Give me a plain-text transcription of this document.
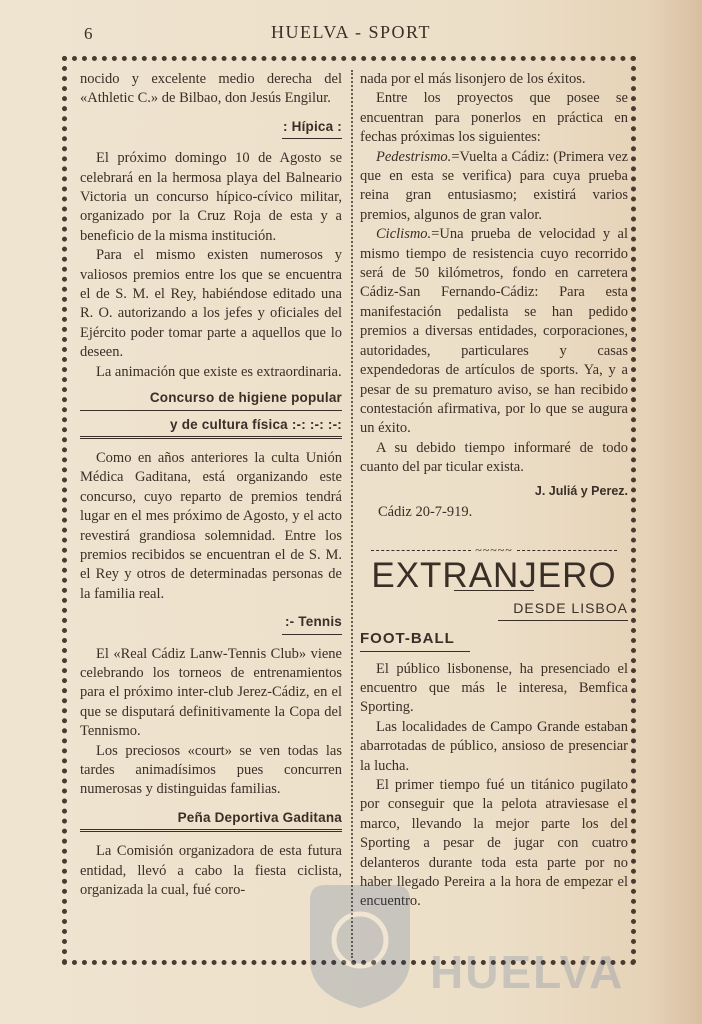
6	HUELVA - SPORT

nocido y excelente medio derecha del «Athletic C.» de Bilbao, don Jesús Engilur.

: Hípica :

El próximo domingo 10 de Agosto se celebrará en la hermosa playa del Balneario Victoria un concurso hípico-cívico militar, organizado por la Cruz Roja de esta y a beneficio de la misma institución.

Para el mismo existen numerosos y valiosos premios entre los que se encuentra el de S. M. el Rey, habiéndose editado una R. O. autorizando a los jefes y oficiales del Ejército poder tomar parte a aquellos que lo deseen.

La animación que existe es extraordinaria.

Concurso de higiene popular
y de cultura física :-: :-: :-:

Como en años anteriores la culta Unión Médica Gaditana, está organizando este concurso, cuyo reparto de premios tendrá lugar en el mes próximo de Agosto, y el acto revestirá grandiosa solemnidad. Entre los premios recibidos se encuentran el de S. M. el Rey y otros de determinadas personas de la familia real.

:- Tennis

El «Real Cádiz Lanw-Tennis Club» viene celebrando los torneos de entrenamientos para el próximo inter-club Jerez-Cádiz, en el que se disputará definitivamente la Copa del Tennismo.

Los preciosos «court» se ven todas las tardes animadísimos pues concurren numerosas y distinguidas familias.

Peña Deportiva Gaditana

La Comisión organizadora de esta futura entidad, llevó a cabo la fiesta ciclista, organizada la cual, fué coro-

nada por el más lisonjero de los éxitos.

Entre los proyectos que posee se encuentran para ponerlos en práctica en fechas próximas los siguientes:

Pedestrismo.=Vuelta a Cádiz: (Primera vez que en esta se verifica) para cuya prueba reina gran entusiasmo; existirá varios premios, algunos de gran valor.

Ciclismo.=Una prueba de velocidad y al mismo tiempo de resistencia cuyo recorrido será de 50 kilómetros, fondo en carretera Cádiz-San Fernando-Cádiz: Para esta manifestación pedalista se han pedido premios a diversas entidades, corporaciones, autoridades, particulares y casas expendedoras de artículos de sports. Ya, y a pesar de su prematuro aviso, se han recibido contestación afirmativa, por lo que se augura un éxito.

A su debido tiempo informaré de todo cuanto del par ticular exista.

J. Juliá y Perez.
Cádiz 20-7-919.
~~~~~
EXTRANJERO
DESDE LISBOA
FOOT-BALL

El público lisbonense, ha presenciado el encuentro que más le interesa, Bemfica Sporting.

Las localidades de Campo Grande estaban abarrotadas de público, ansioso de presenciar la lucha.

El primer tiempo fué un titánico pugilato por conseguir que la pelota atraviesase el marco, llevando la mejor parte los del Sporting a pesar de jugar con cuatro delanteros durante toda esta parte por no haber llegado Pereira a la hora de empezar el encuentro.

HUELVA
